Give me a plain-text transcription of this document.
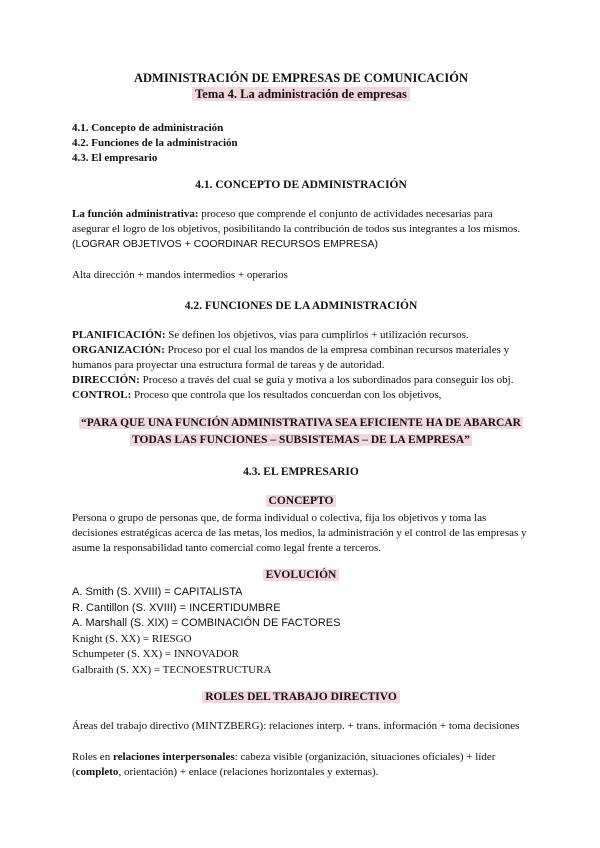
ADMINISTRACIÓN DE EMPRESAS DE COMUNICACIÓN

Tema 4. La administración de empresas
4.1. Concepto de administración
4.2. Funciones de la administración
4.3. El empresario

4.1. CONCEPTO DE ADMINISTRACIÓN

La función administrativa: proceso que comprende el conjunto de actividades necesarias para asegurar el logro de los objetivos, posibilitando la contribución de todos sus integrantes a los mismos.

(LOGRAR OBJETIVOS + COORDINAR RECURSOS EMPRESA)

Alta dirección + mandos intermedios + operarios

4.2. FUNCIONES DE LA ADMINISTRACIÓN

PLANIFICACIÓN: Se definen los objetivos, vías para cumplirlos + utilización recursos.

ORGANIZACIÓN: Proceso por el cual los mandos de la empresa combinan recursos materiales y humanos para proyectar una estructura formal de tareas y de autoridad.

DIRECCIÓN: Proceso a través del cual se guía y motiva a los subordinados para conseguir los obj.

CONTROL: Proceso que controla que los resultados concuerdan con los objetivos,

“PARA QUE UNA FUNCIÓN ADMINISTRATIVA SEA EFICIENTE HA DE ABARCAR
TODAS LAS FUNCIONES – SUBSISTEMAS – DE LA EMPRESA”

4.3. EL EMPRESARIO

CONCEPTO

Persona o grupo de personas que, de forma individual o colectiva, fija los objetivos y toma las decisiones estratégicas acerca de las metas, los medios, la administración y el control de las empresas y asume la responsabilidad tanto comercial como legal frente a terceros.

EVOLUCIÓN
A. Smith (S. XVIII) = CAPITALISTA
R. Cantillon (S. XVIII) = INCERTIDUMBRE
A. Marshall (S. XIX) = COMBINACIÓN DE FACTORES
Knight (S. XX) = RIESGO
Schumpeter (S. XX) = INNOVADOR
Galbraith (S. XX) = TECNOESTRUCTURA
ROLES DEL TRABAJO DIRECTIVO

Áreas del trabajo directivo (MINTZBERG): relaciones interp. + trans. información + toma decisiones

Roles en relaciones interpersonales: cabeza visible (organización, situaciones oficiales) + líder (completo, orientación) + enlace (relaciones horizontales y externas).
